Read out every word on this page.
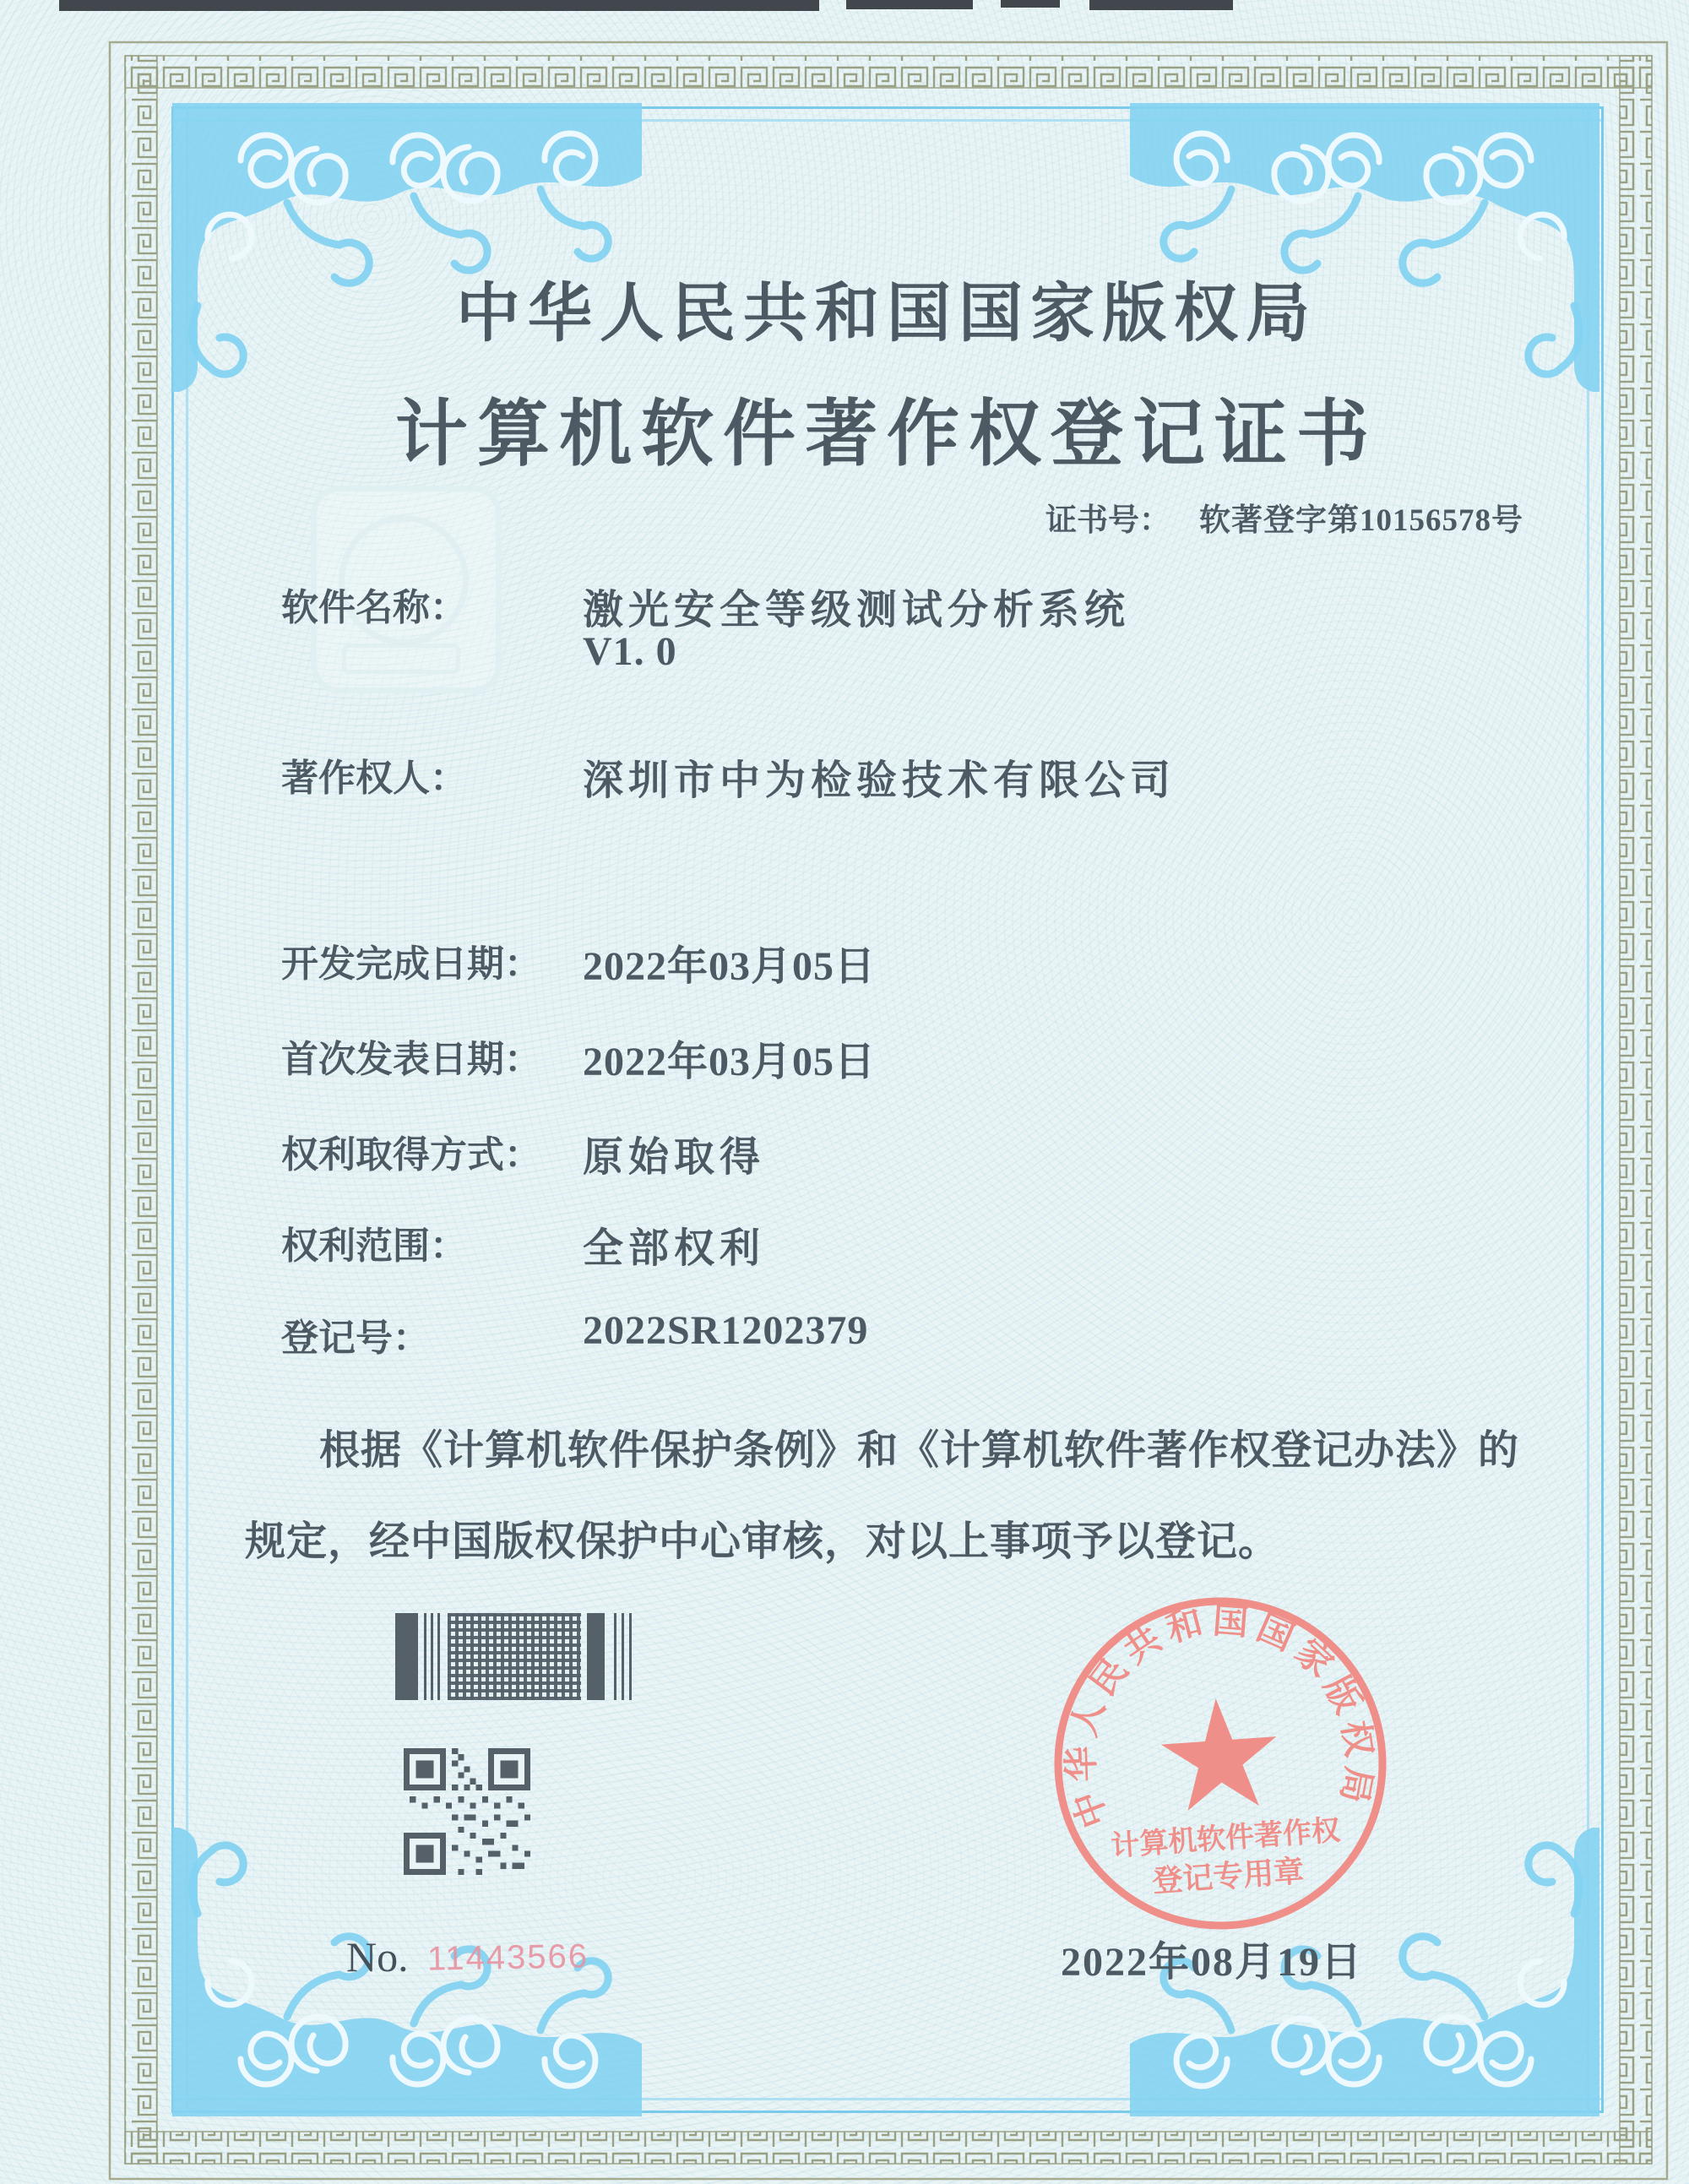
中华人民共和国国家版权局
计算机软件著作权登记证书
证书号： 软著登字第10156578号
软件名称：	激光安全等级测试分析系统
V1. 0
著作权人：	深圳市中为检验技术有限公司
开发完成日期： 2022年03月05日
首次发表日期： 2022年03月05日
权利取得方式： 原始取得
权利范围：	全部权利
登记号：	2022SR1202379
根据《计算机软件保护条例》和《计算机软件著作权登记办法》的
规定，经中国版权保护中心审核，对以上事项予以登记。
中华人民共和国国家版权局
计算机软件著作权
登记专用章
2022年08月19日
No. 11443566
